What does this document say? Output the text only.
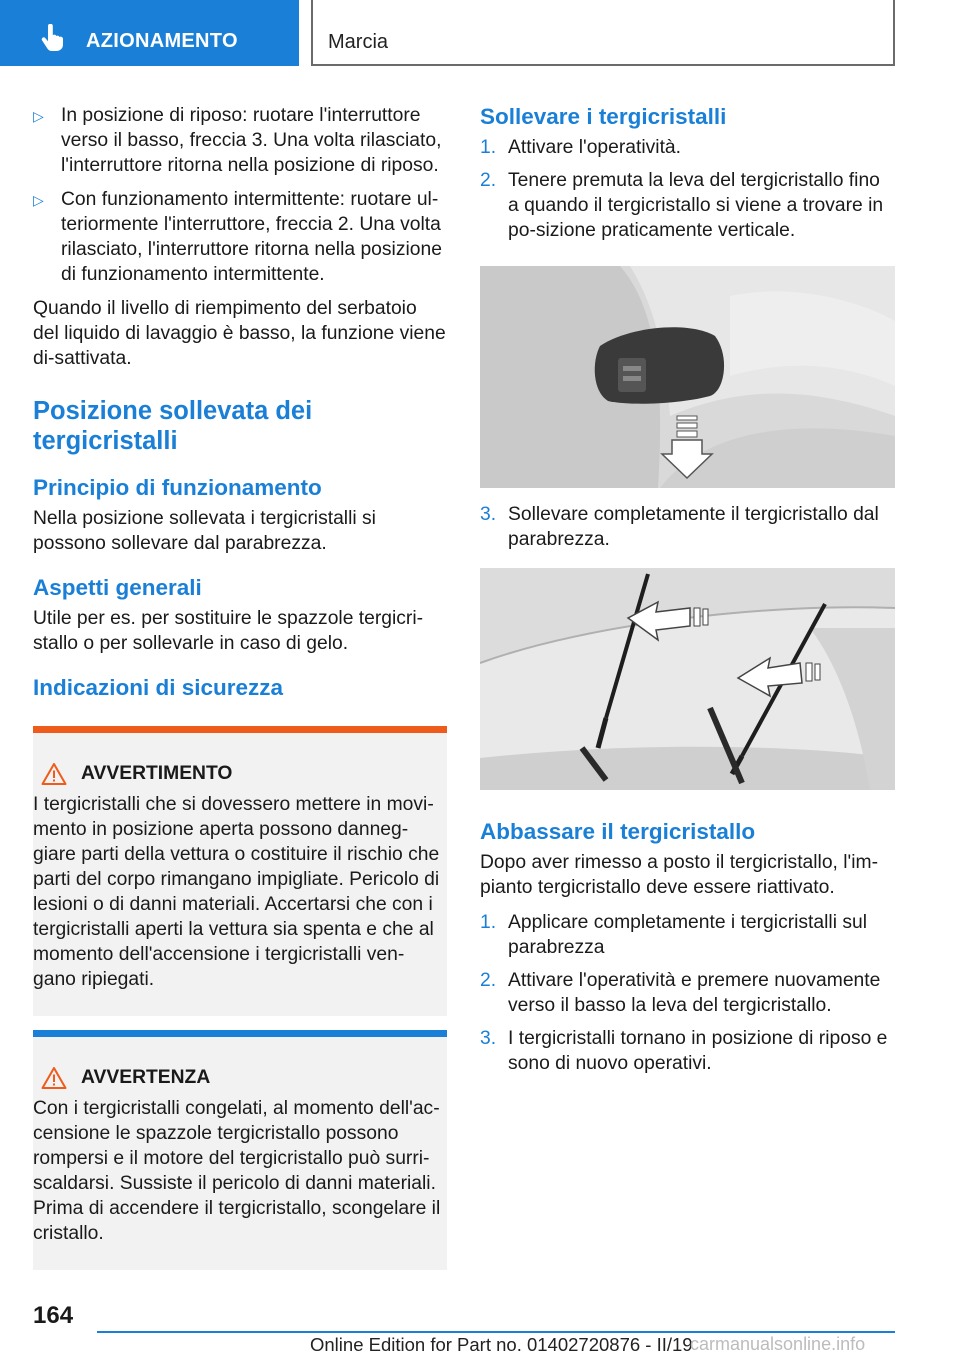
AZIONAMENTO	Marcia
▷ In posizione di riposo: ruotare l'interruttore verso il basso, freccia 3. Una volta rilasciato, l'interruttore ritorna nella posizione di riposo.
▷ Con funzionamento intermittente: ruotare ul-teriormente l'interruttore, freccia 2. Una volta rilasciato, l'interruttore ritorna nella posizione di funzionamento intermittente.

Quando il livello di riempimento del serbatoio del liquido di lavaggio è basso, la funzione viene di-sattivata.

Posizione sollevata dei tergicristalli
Principio di funzionamento

Nella posizione sollevata i tergicristalli si possono sollevare dal parabrezza.

Aspetti generali

Utile per es. per sostituire le spazzole tergicri-stallo o per sollevarle in caso di gelo.

Indicazioni di sicurezza
AVVERTIMENTO
I tergicristalli che si dovessero mettere in movi-mento in posizione aperta possono danneg-giare parti della vettura o costituire il rischio che parti del corpo rimangano impigliate. Pericolo di lesioni o di danni materiali. Accertarsi che con i tergicristalli aperti la vettura sia spenta e che al momento dell'accensione i tergicristalli ven-gano ripiegati.
AVVERTENZA
Con i tergicristalli congelati, al momento dell'ac-censione le spazzole tergicristallo possono rompersi e il motore del tergicristallo può surri-scaldarsi. Sussiste il pericolo di danni materiali. Prima di accendere il tergicristallo, scongelare il cristallo.
Sollevare i tergicristalli
1. Attivare l'operatività.
2. Tenere premuta la leva del tergicristallo fino a quando il tergicristallo si viene a trovare in po-sizione praticamente verticale.
3. Sollevare completamente il tergicristallo dal parabrezza.
Abbassare il tergicristallo

Dopo aver rimesso a posto il tergicristallo, l'im-pianto tergicristallo deve essere riattivato.

1. Applicare completamente i tergicristalli sul parabrezza
2. Attivare l'operatività e premere nuovamente verso il basso la leva del tergicristallo.
3. I tergicristalli tornano in posizione di riposo e sono di nuovo operativi.
164
Online Edition for Part no. 01402720876 - II/19
carmanualsonline.info
